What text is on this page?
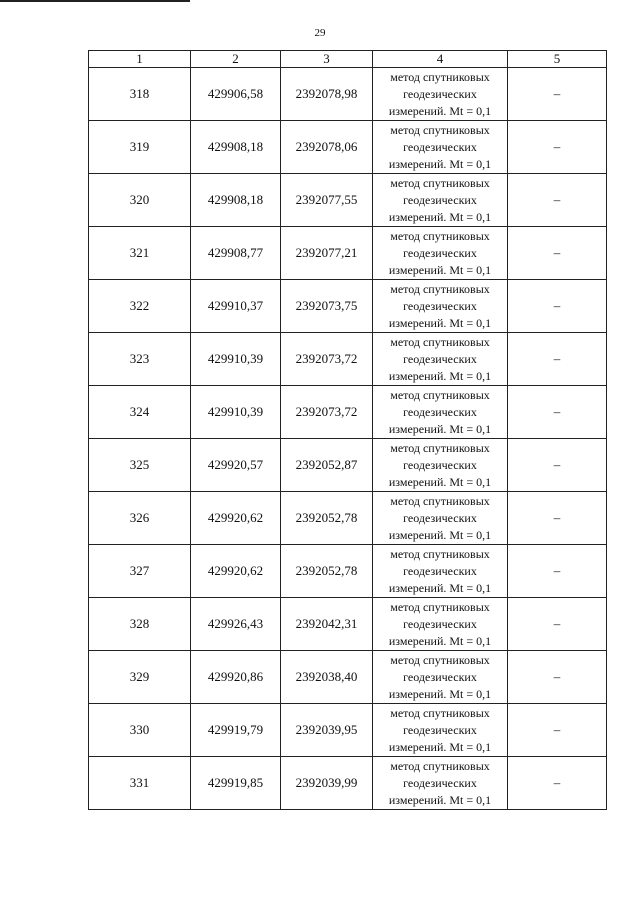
29
1	2	3	4	5
318	429906,58	2392078,98	метод спутниковых геодезических измерений. Mt = 0,1	–
319	429908,18	2392078,06	метод спутниковых геодезических измерений. Mt = 0,1	–
320	429908,18	2392077,55	метод спутниковых геодезических измерений. Mt = 0,1	–
321	429908,77	2392077,21	метод спутниковых геодезических измерений. Mt = 0,1	–
322	429910,37	2392073,75	метод спутниковых геодезических измерений. Mt = 0,1	–
323	429910,39	2392073,72	метод спутниковых геодезических измерений. Mt = 0,1	–
324	429910,39	2392073,72	метод спутниковых геодезических измерений. Mt = 0,1	–
325	429920,57	2392052,87	метод спутниковых геодезических измерений. Mt = 0,1	–
326	429920,62	2392052,78	метод спутниковых геодезических измерений. Mt = 0,1	–
327	429920,62	2392052,78	метод спутниковых геодезических измерений. Mt = 0,1	–
328	429926,43	2392042,31	метод спутниковых геодезических измерений. Mt = 0,1	–
329	429920,86	2392038,40	метод спутниковых геодезических измерений. Mt = 0,1	–
330	429919,79	2392039,95	метод спутниковых геодезических измерений. Mt = 0,1	–
331	429919,85	2392039,99	метод спутниковых геодезических измерений. Mt = 0,1	–
